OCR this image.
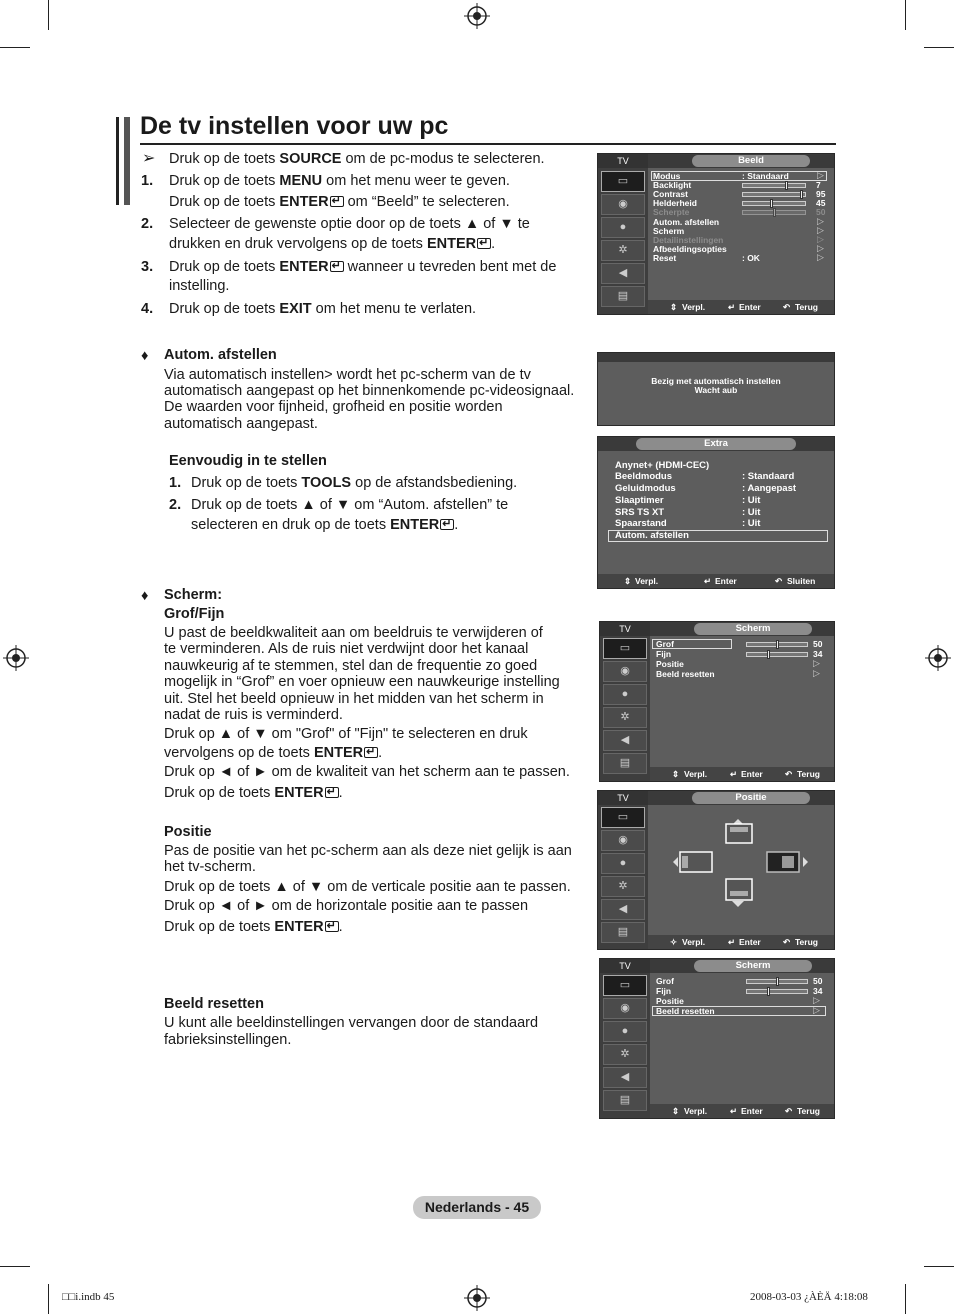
De tv instellen voor uw pc
➢ Druk op de toets SOURCE om de pc-modus te selecteren.
1. Druk op de toets MENU om het menu weer te geven.
Druk op de toets ENTER↵ om “Beeld” te selecteren.
2. Selecteer de gewenste optie door op de toets ▲ of ▼ te
drukken en druk vervolgens op de toets ENTER ↵ .
3. Druk op de toets ENTER↵ wanneer u tevreden bent met de
instelling.
4. Druk op de toets EXIT om het menu te verlaten.
♦ Autom. afstellen
Via automatisch instellen> wordt het pc-scherm van de tv
automatisch aangepast op het binnenkomende pc-videosignaal.
De waarden voor fijnheid, grofheid en positie worden
automatisch aangepast.
Eenvoudig in te stellen
1. Druk op de toets TOOLS op de afstandsbediening.
2. Druk op de toets ▲ of ▼ om “Autom. afstellen” te
selecteren en druk op de toets ENTER ↵ .
♦ Scherm:
Grof/Fijn
U past de beeldkwaliteit aan om beeldruis te verwijderen of
te verminderen. Als de ruis niet verdwijnt door het kanaal
nauwkeurig af te stemmen, stel dan de frequentie zo goed
mogelijk in “Grof” en voer opnieuw een nauwkeurige instelling
uit. Stel het beeld opnieuw in het midden van het scherm in
nadat de ruis is verminderd.
Druk op ▲ of ▼ om "Grof" of "Fijn" te selecteren en druk
vervolgens op de toets ENTER ↵ .
Druk op ◄ of ► om de kwaliteit van het scherm aan te passen.
Druk op de toets ENTER ↵ .
Positie
Pas de positie van het pc-scherm aan als deze niet gelijk is aan
het tv-scherm.
Druk op de toets ▲ of ▼ om de verticale positie aan te passen.
Druk op ◄ of ► om de horizontale positie aan te passen
Druk op de toets ENTER ↵ .
Beeld resetten
U kunt alle beeldinstellingen vervangen door de standaard
fabrieksinstellingen.
TV
▭
◉
●
✲
◀
▤
Beeld
Modus	: Standaard	▷
Backlight	7
Contrast	95
Helderheid	45
Scherpte	50
Autom. afstellen	▷
Scherm	▷
Detailinstellingen	▷
Afbeeldingsopties	▷
Reset	: OK	▷
⇕ Verpl.	↵ Enter	↶ Terug
Bezig met automatisch instellen
Wacht aub
Extra
Anynet+ (HDMI-CEC)
Beeldmodus	: Standaard
Geluidmodus	: Aangepast
Slaaptimer	: Uit
SRS TS XT	: Uit
Spaarstand	: Uit
Autom. afstellen
⇕ Verpl.	↵ Enter	↶ Sluiten
TV
▭
◉
●
✲
◀
▤
Scherm
Grof	50
Fijn	34
Positie	▷
Beeld resetten	▷
⇕ Verpl.	↵ Enter	↶ Terug
TV
▭
◉
●
✲
◀
▤
Positie
✧ Verpl.	↵ Enter	↶ Terug
TV
▭
◉
●
✲
◀
▤
Scherm
Grof	50
Fijn	34
Positie	▷
Beeld resetten	▷
⇕ Verpl.	↵ Enter	↶ Terug
Nederlands - 45
□□i.indb 45	2008-03-03 ¿ÀÈÄ 4:18:08
